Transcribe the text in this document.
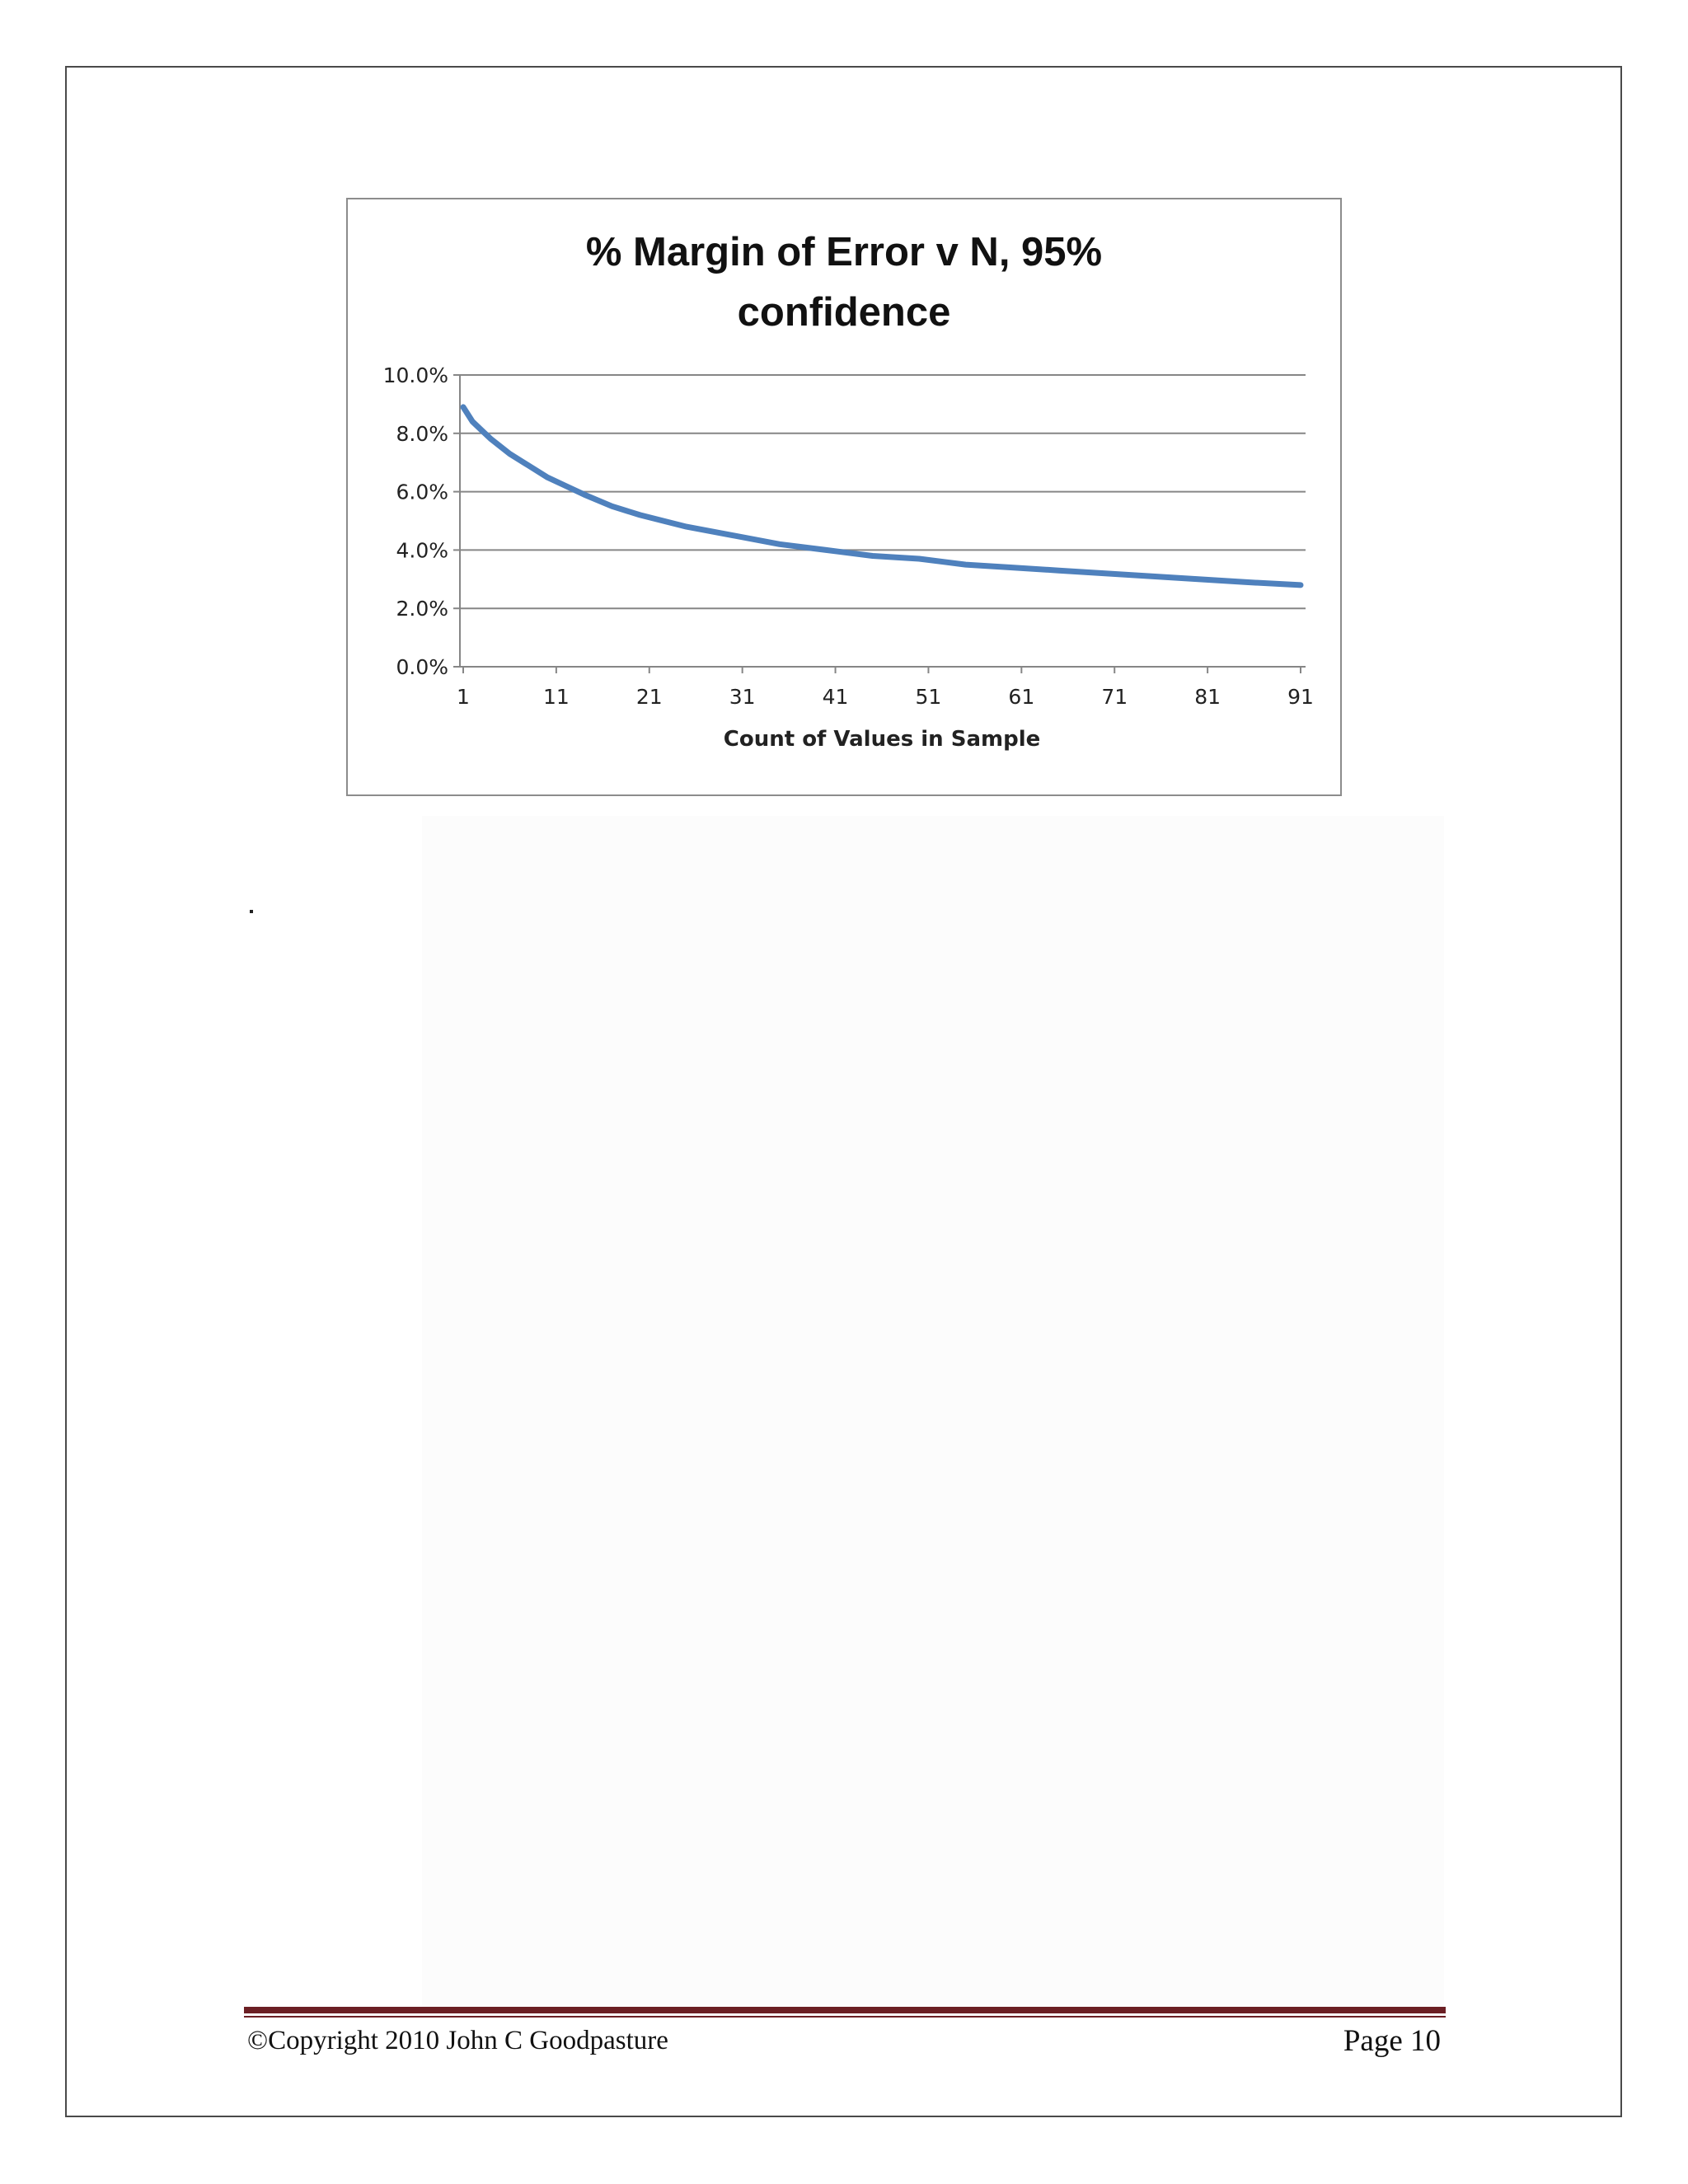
% Margin of Error v N, 95%
confidence
0.0%
2.0%
4.0%
6.0%
8.0%
10.0%
1	11	21	31	41	51	61	71	81	91
Count of Values in Sample
©Copyright 2010 John C Goodpasture	Page 10
